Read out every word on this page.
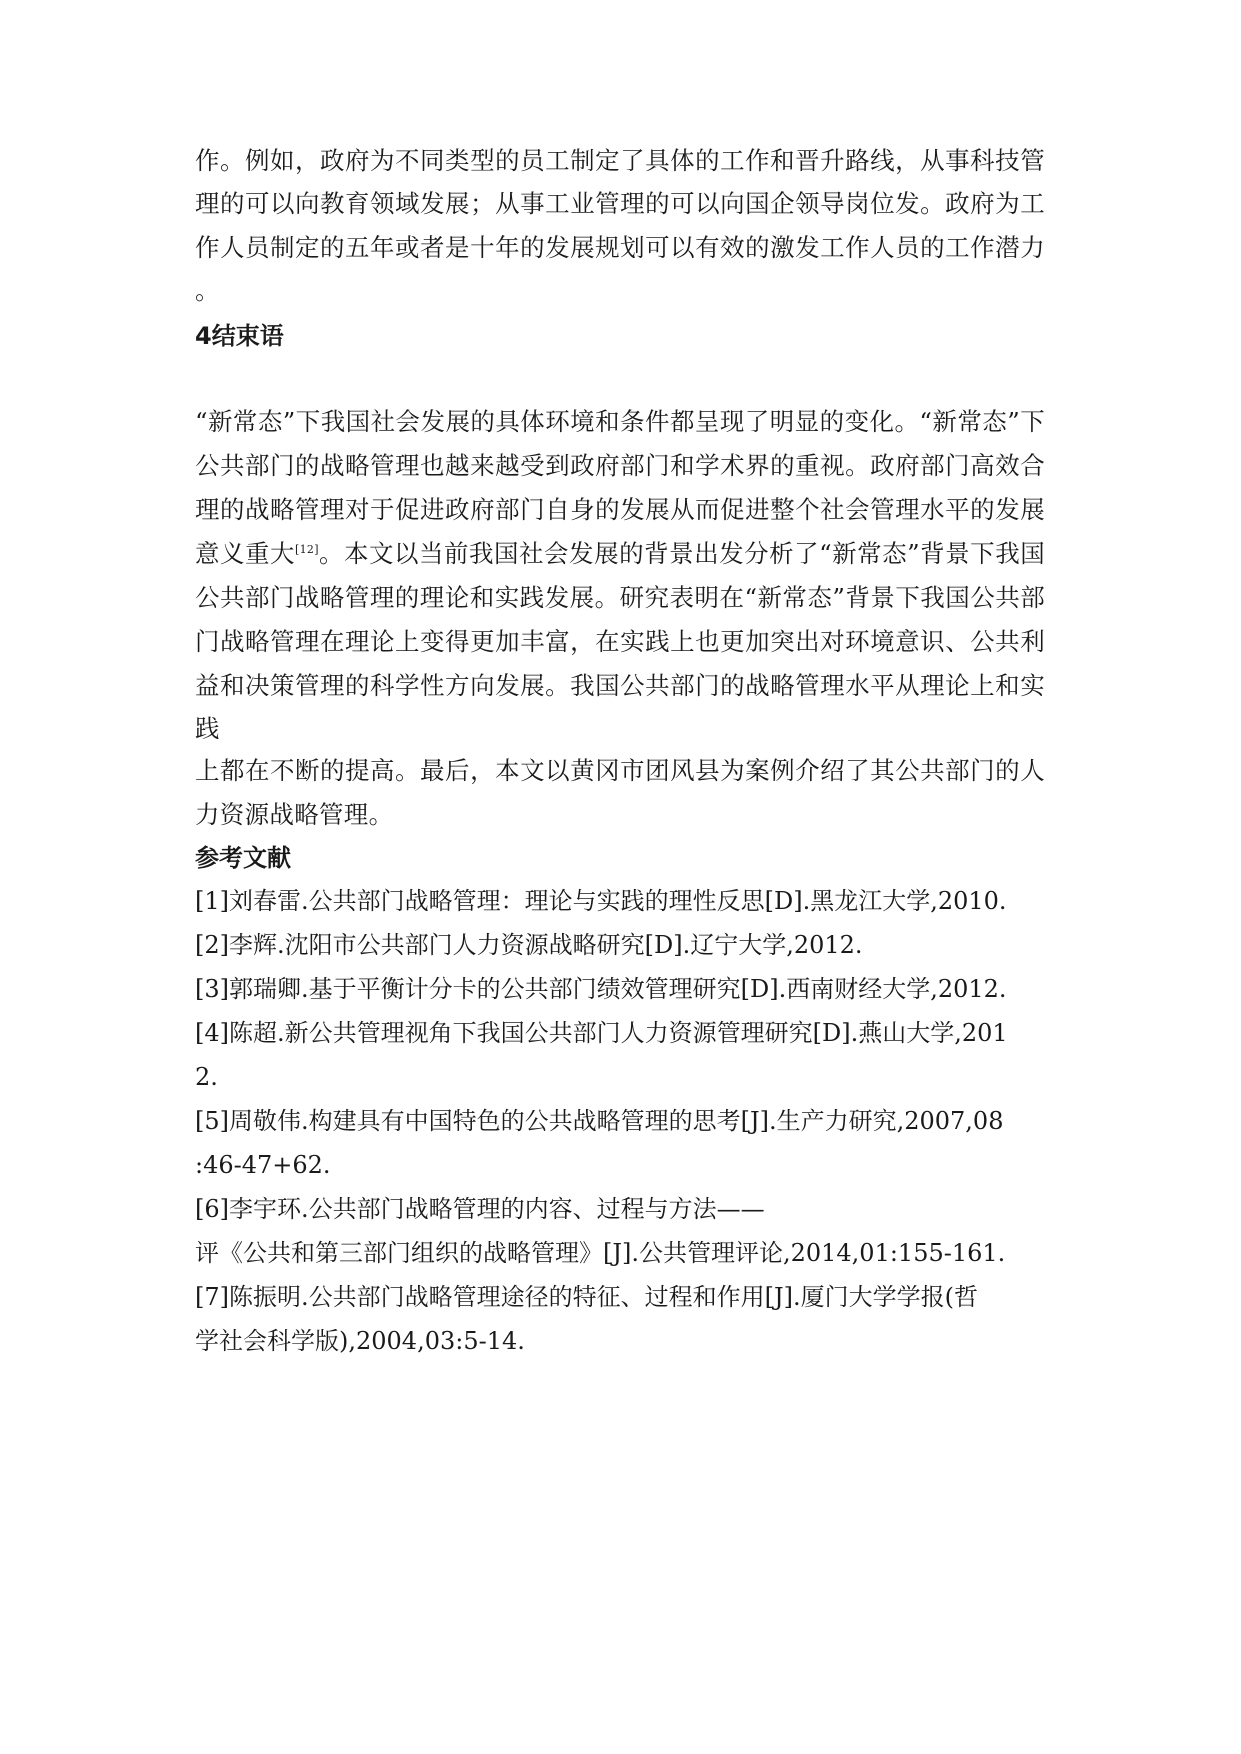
作。例如，政府为不同类型的员工制定了具体的工作和晋升路线，从事科技管
理的可以向教育领域发展；从事工业管理的可以向国企领导岗位发。政府为工
作人员制定的五年或者是十年的发展规划可以有效的激发工作人员的工作潜力
。
4结束语
“新常态”下我国社会发展的具体环境和条件都呈现了明显的变化。“新常态”下
公共部门的战略管理也越来越受到政府部门和学术界的重视。政府部门高效合
理的战略管理对于促进政府部门自身的发展从而促进整个社会管理水平的发展
意义重大[12]。本文以当前我国社会发展的背景出发分析了“新常态”背景下我国
公共部门战略管理的理论和实践发展。研究表明在“新常态”背景下我国公共部
门战略管理在理论上变得更加丰富，在实践上也更加突出对环境意识、公共利
益和决策管理的科学性方向发展。我国公共部门的战略管理水平从理论上和实
践
上都在不断的提高。最后，本文以黄冈市团风县为案例介绍了其公共部门的人
力资源战略管理。
参考文献
[1]刘春雷.公共部门战略管理：理论与实践的理性反思[D].黑龙江大学,2010.
[2]李辉.沈阳市公共部门人力资源战略研究[D].辽宁大学,2012.
[3]郭瑞卿.基于平衡计分卡的公共部门绩效管理研究[D].西南财经大学,2012.
[4]陈超.新公共管理视角下我国公共部门人力资源管理研究[D].燕山大学,201
2.
[5]周敬伟.构建具有中国特色的公共战略管理的思考[J].生产力研究,2007,08
:46-47+62.
[6]李宇环.公共部门战略管理的内容、过程与方法——
评《公共和第三部门组织的战略管理》[J].公共管理评论,2014,01:155-161.
[7]陈振明.公共部门战略管理途径的特征、过程和作用[J].厦门大学学报(哲
学社会科学版),2004,03:5-14.
